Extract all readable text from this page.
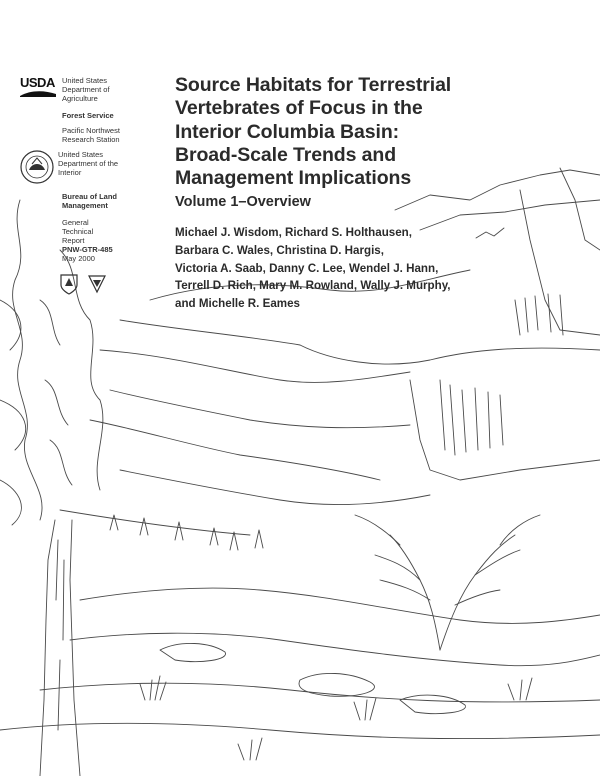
USDA United States
Department of
Agriculture
Forest Service
Pacific Northwest
Research Station
United States
Department of the
Interior
Bureau of Land
Management
General Technical
Report
PNW-GTR-485
May 2000
Source Habitats for Terrestrial
Vertebrates of Focus in the
Interior Columbia Basin:
Broad-Scale Trends and
Management Implications
Volume 1–Overview
Michael J. Wisdom, Richard S. Holthausen,
Barbara C. Wales, Christina D. Hargis,
Victoria A. Saab, Danny C. Lee, Wendel J. Hann,
Terrell D. Rich, Mary M. Rowland, Wally J. Murphy,
and Michelle R. Eames
